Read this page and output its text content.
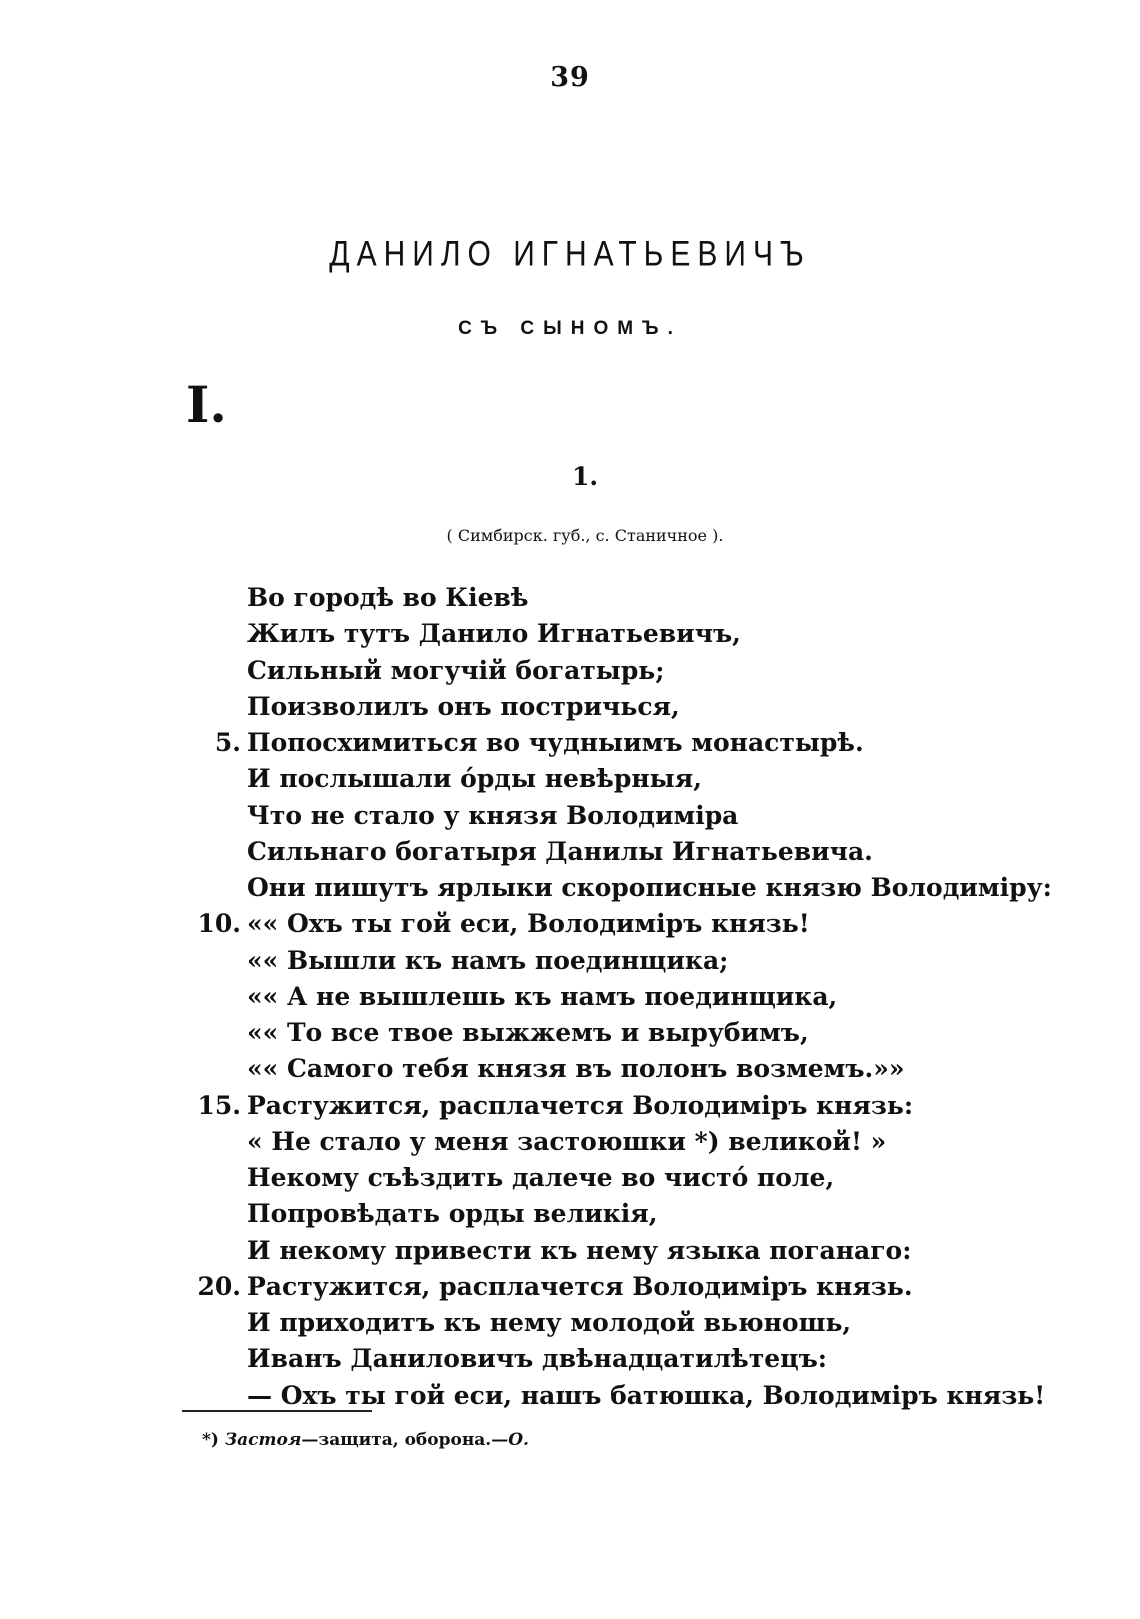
39
ДАНИЛО ИГНАТЬЕВИЧЪ
СЪ СЫНОМЪ.
I.
1.
( Симбирск. губ., с. Станичное ).
Во городѣ во Кіевѣ
Жилъ тутъ Данило Игнатьевичъ,
Сильный могучій богатырь;
Поизволилъ онъ постричься,
5. Попосхимиться во чудныимъ монастырѣ.
И послышали о́рды невѣрныя,
Что не стало у князя Володиміра
Сильнаго богатыря Данилы Игнатьевича.
Они пишутъ ярлыки скорописные князю Володиміру:
10. «« Охъ ты гой еси, Володиміръ князь!
«« Вышли къ намъ поединщика;
«« А не вышлешь къ намъ поединщика,
«« То все твое выжжемъ и вырубимъ,
«« Самого тебя князя въ полонъ возмемъ.»»
15. Растужится, расплачется Володиміръ князь:
« Не стало у меня застоюшки *) великой! »
Некому съѣздить далече во чисто́ поле,
Попровѣдать орды великія,
И некому привести къ нему языка поганаго:
20. Растужится, расплачется Володиміръ князь.
И приходитъ къ нему молодой вьюношь,
Иванъ Даниловичъ двѣнадцатилѣтецъ:
— Охъ ты гой еси, нашъ батюшка, Володиміръ князь!
*) Застоя—защита, оборона.—О.
